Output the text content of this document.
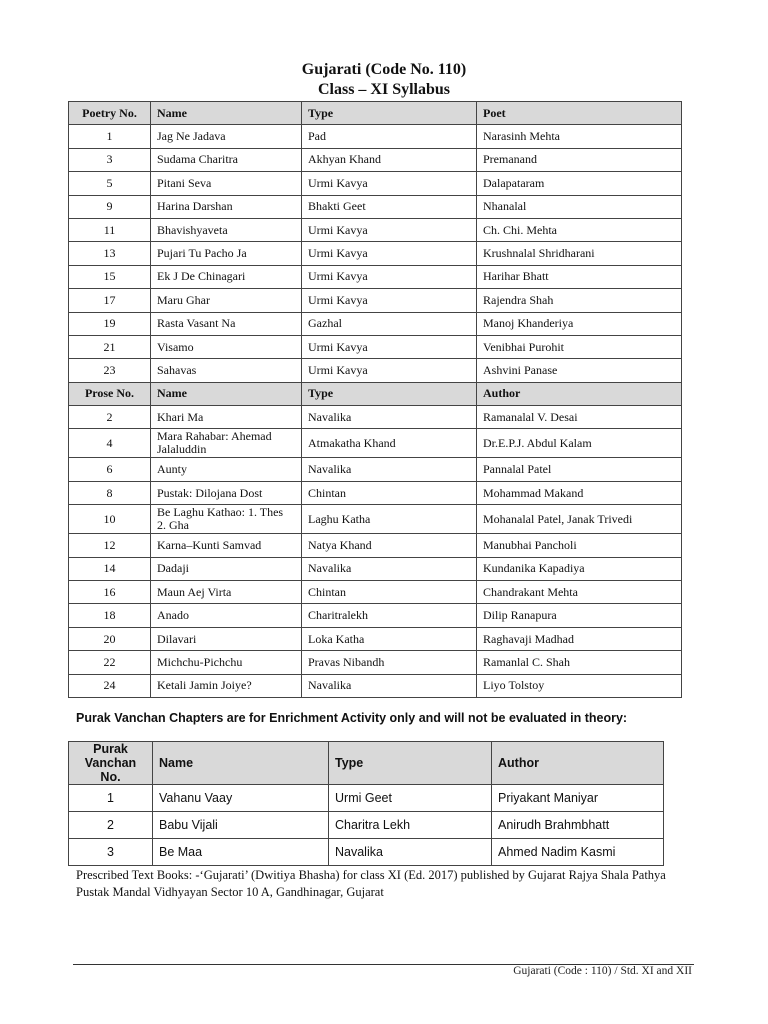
Gujarati (Code No. 110)
Class – XI Syllabus
Poetry No.	Name	Type	Poet
1	Jag Ne Jadava	Pad	Narasinh Mehta
3	Sudama Charitra	Akhyan Khand	Premanand
5	Pitani Seva	Urmi Kavya	Dalapataram
9	Harina Darshan	Bhakti Geet	Nhanalal
11	Bhavishyaveta	Urmi Kavya	Ch. Chi. Mehta
13	Pujari Tu Pacho Ja	Urmi Kavya	Krushnalal Shridharani
15	Ek J De Chinagari	Urmi Kavya	Harihar Bhatt
17	Maru Ghar	Urmi Kavya	Rajendra Shah
19	Rasta Vasant Na	Gazhal	Manoj Khanderiya
21	Visamo	Urmi Kavya	Venibhai Purohit
23	Sahavas	Urmi Kavya	Ashvini Panase
Prose No.	Name	Type	Author
2	Khari Ma	Navalika	Ramanalal V. Desai
4	Mara Rahabar: Ahemad Jalaluddin	Atmakatha Khand	Dr.E.P.J. Abdul Kalam
6	Aunty	Navalika	Pannalal Patel
8	Pustak: Dilojana Dost	Chintan	Mohammad Makand
10	Be Laghu Kathao: 1. Thes 2. Gha	Laghu Katha	Mohanalal Patel, Janak Trivedi
12	Karna–Kunti Samvad	Natya Khand	Manubhai Pancholi
14	Dadaji	Navalika	Kundanika Kapadiya
16	Maun Aej Virta	Chintan	Chandrakant Mehta
18	Anado	Charitralekh	Dilip Ranapura
20	Dilavari	Loka Katha	Raghavaji Madhad
22	Michchu-Pichchu	Pravas Nibandh	Ramanlal C. Shah
24	Ketali Jamin Joiye?	Navalika	Liyo Tolstoy
Purak Vanchan Chapters are for Enrichment Activity only and will not be evaluated in theory:
Purak Vanchan No.	Name	Type	Author
1	Vahanu Vaay	Urmi Geet	Priyakant Maniyar
2	Babu Vijali	Charitra Lekh	Anirudh Brahmbhatt
3	Be Maa	Navalika	Ahmed Nadim Kasmi
Prescribed Text Books: -‘Gujarati’ (Dwitiya Bhasha) for class XI (Ed. 2017) published by Gujarat Rajya Shala Pathya Pustak Mandal Vidhyayan Sector 10 A, Gandhinagar, Gujarat
Gujarati (Code : 110) / Std. XI and XII
